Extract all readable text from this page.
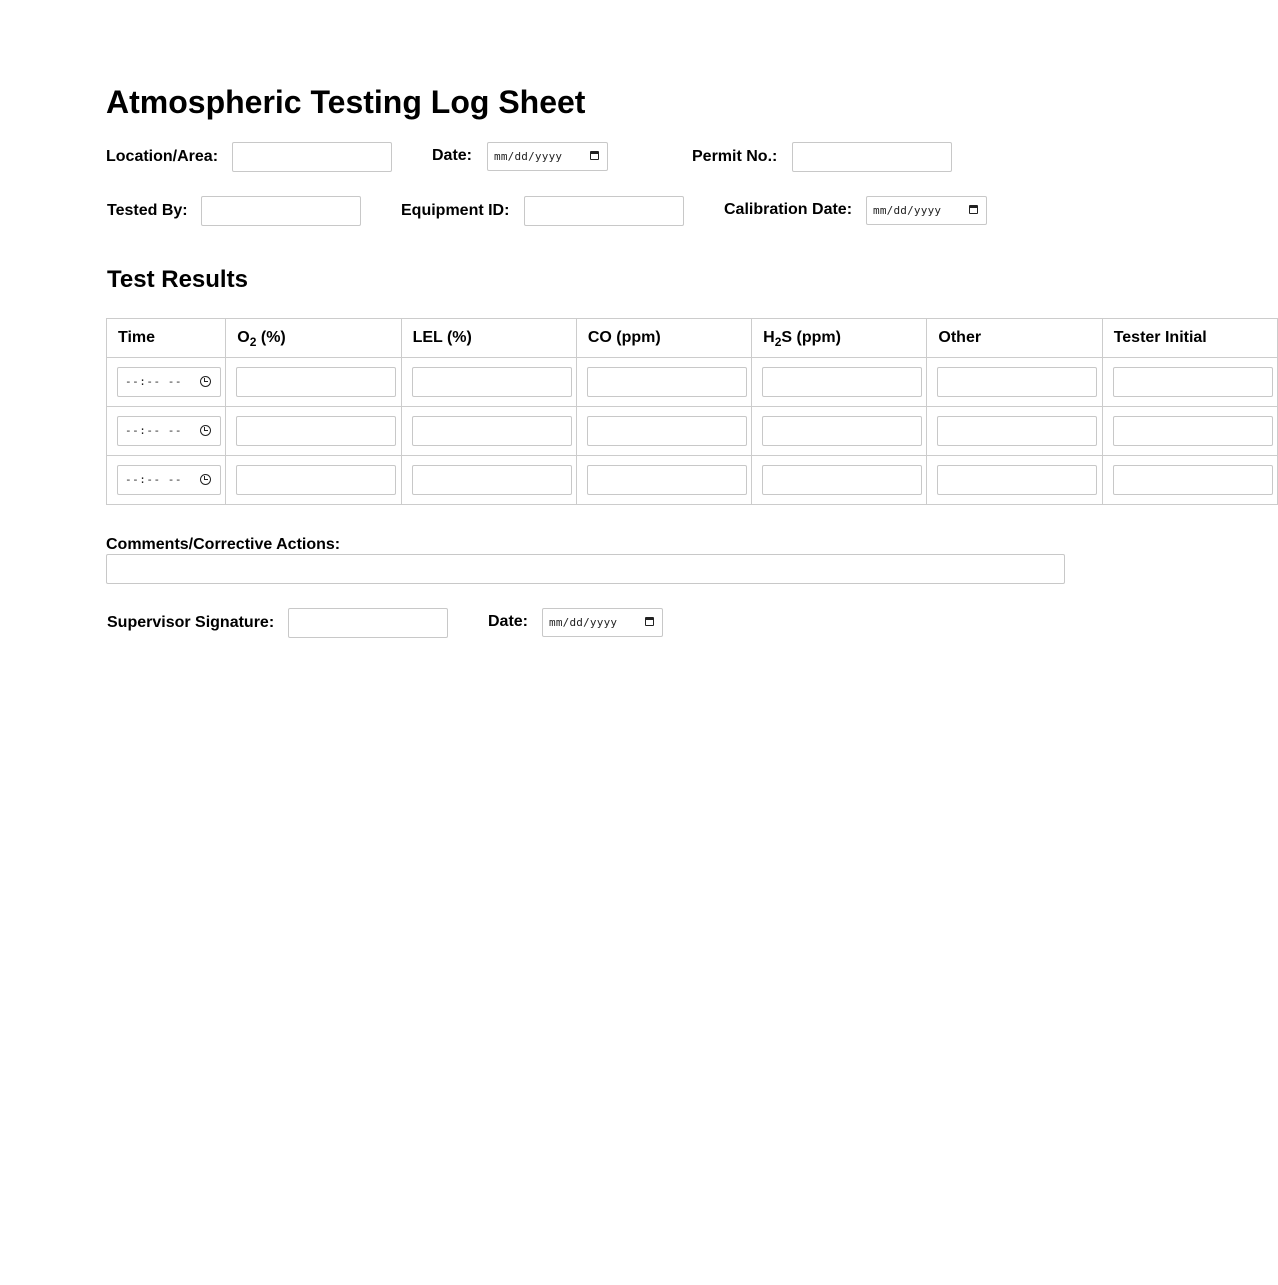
Atmospheric Testing Log Sheet
Location/Area:	Date: mm/dd/yyyy	Permit No.:
Tested By:	Equipment ID:	Calibration Date: mm/dd/yyyy
Test Results
Time	$O_2$ (%)	LEL (%)	CO (ppm)	$H_2S$ (ppm)	Other	Tester Initial

--:-- --						

--:-- --						

--:-- --						

Comments/Corrective Actions:
Supervisor Signature:	Date: mm/dd/yyyy
